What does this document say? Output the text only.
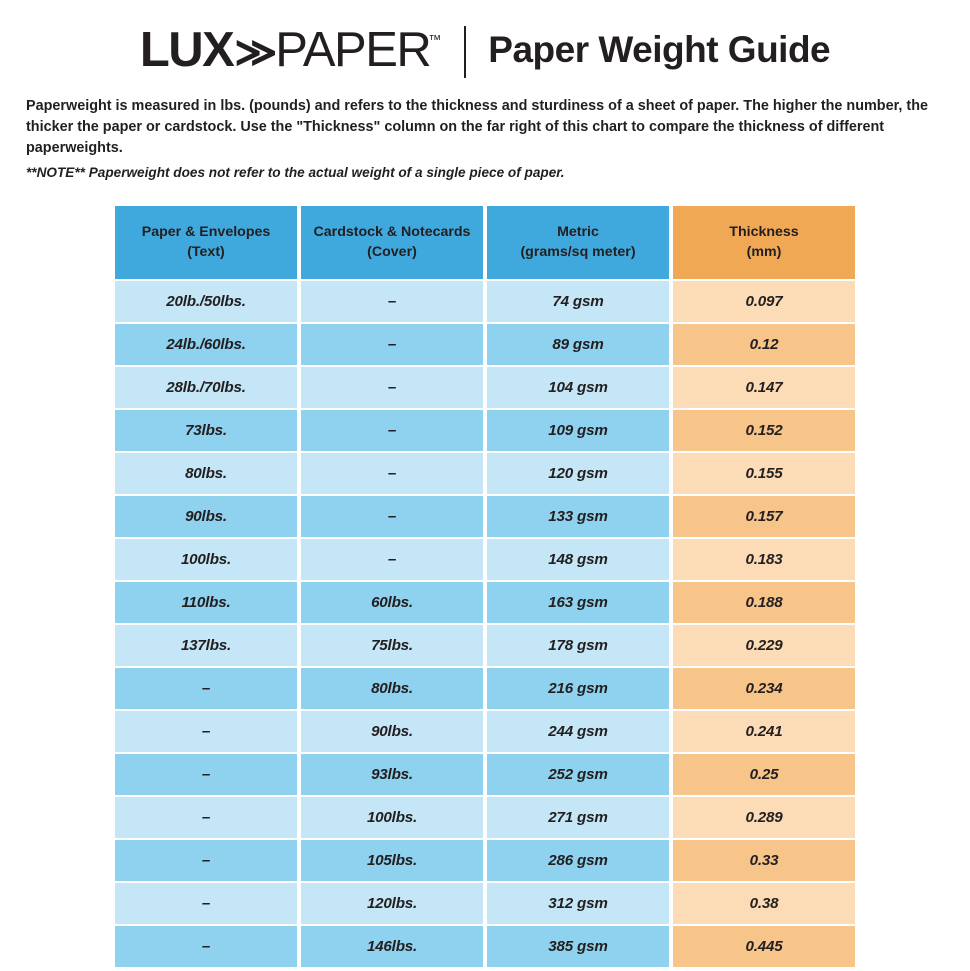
LUX ≫ PAPER
™ Paper Weight Guide

Paperweight is measured in lbs. (pounds) and refers to the thickness and sturdiness of a sheet of paper. The higher the number, the thicker the paper or cardstock. Use the "Thickness" column on the far right of this chart to compare the thickness of different paperweights.

**NOTE** Paperweight does not refer to the actual weight of a single piece of paper.

Paper & Envelopes
(Text)

Cardstock & Notecards
(Cover)

Metric
(grams/sq meter)

Thickness
(mm)

20lb./50lbs.	–	74 gsm	0.097
24lb./60lbs.	–	89 gsm	0.12
28lb./70lbs.	–	104 gsm	0.147
73lbs.	–	109 gsm	0.152
80lbs.	–	120 gsm	0.155
90lbs.	–	133 gsm	0.157
100lbs.	–	148 gsm	0.183
110lbs.	60lbs.	163 gsm	0.188
137lbs.	75lbs.	178 gsm	0.229
–	80lbs.	216 gsm	0.234
–	90lbs.	244 gsm	0.241
–	93lbs.	252 gsm	0.25
–	100lbs.	271 gsm	0.289
–	105lbs.	286 gsm	0.33
–	120lbs.	312 gsm	0.38
–	146lbs.	385 gsm	0.445
